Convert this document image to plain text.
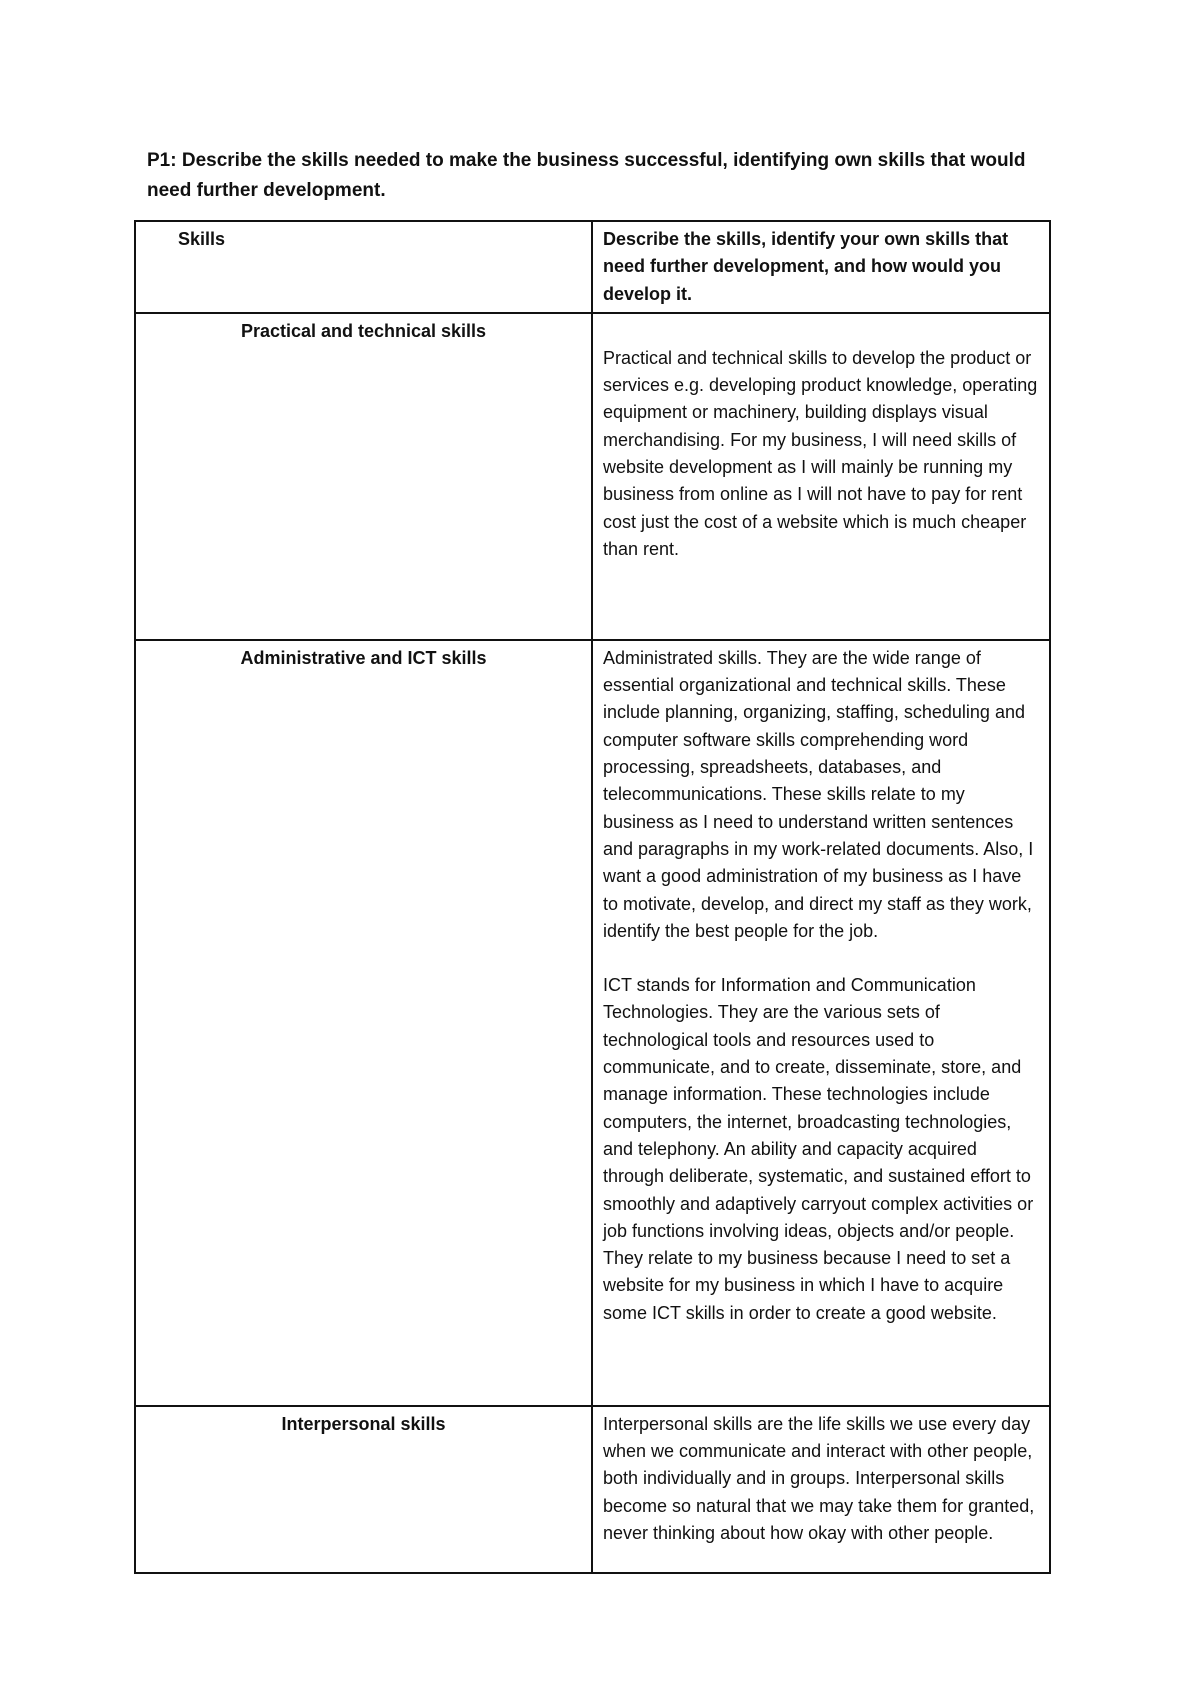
P1: Describe the skills needed to make the business successful, identifying own skills that would need further development.
Skills	Describe the skills, identify your own skills that need further development, and how would you develop it.
Practical and technical skills	Practical and technical skills to develop the product or services e.g. developing product knowledge, operating equipment or machinery, building displays visual merchandising. For my business, I will need skills of website development as I will mainly be running my business from online as I will not have to pay for rent cost just the cost of a website which is much cheaper than rent.

Administrative and ICT skills	Administrated skills. They are the wide range of essential organizational and technical skills. These include planning, organizing, staffing, scheduling and computer software skills comprehending word processing, spreadsheets, databases, and telecommunications. These skills relate to my business as I need to understand written sentences and paragraphs in my work-related documents. Also, I want a good administration of my business as I have to motivate, develop, and direct my staff as they work, identify the best people for the job.

ICT stands for Information and Communication Technologies. They are the various sets of technological tools and resources used to communicate, and to create, disseminate, store, and manage information. These technologies include computers, the internet, broadcasting technologies, and telephony. An ability and capacity acquired through deliberate, systematic, and sustained effort to smoothly and adaptively carryout complex activities or job functions involving ideas, objects and/or people. They relate to my business because I need to set a website for my business in which I have to acquire some ICT skills in order to create a good website.

Interpersonal skills	Interpersonal skills are the life skills we use every day when we communicate and interact with other people, both individually and in groups. Interpersonal skills become so natural that we may take them for granted, never thinking about how okay with other people.
